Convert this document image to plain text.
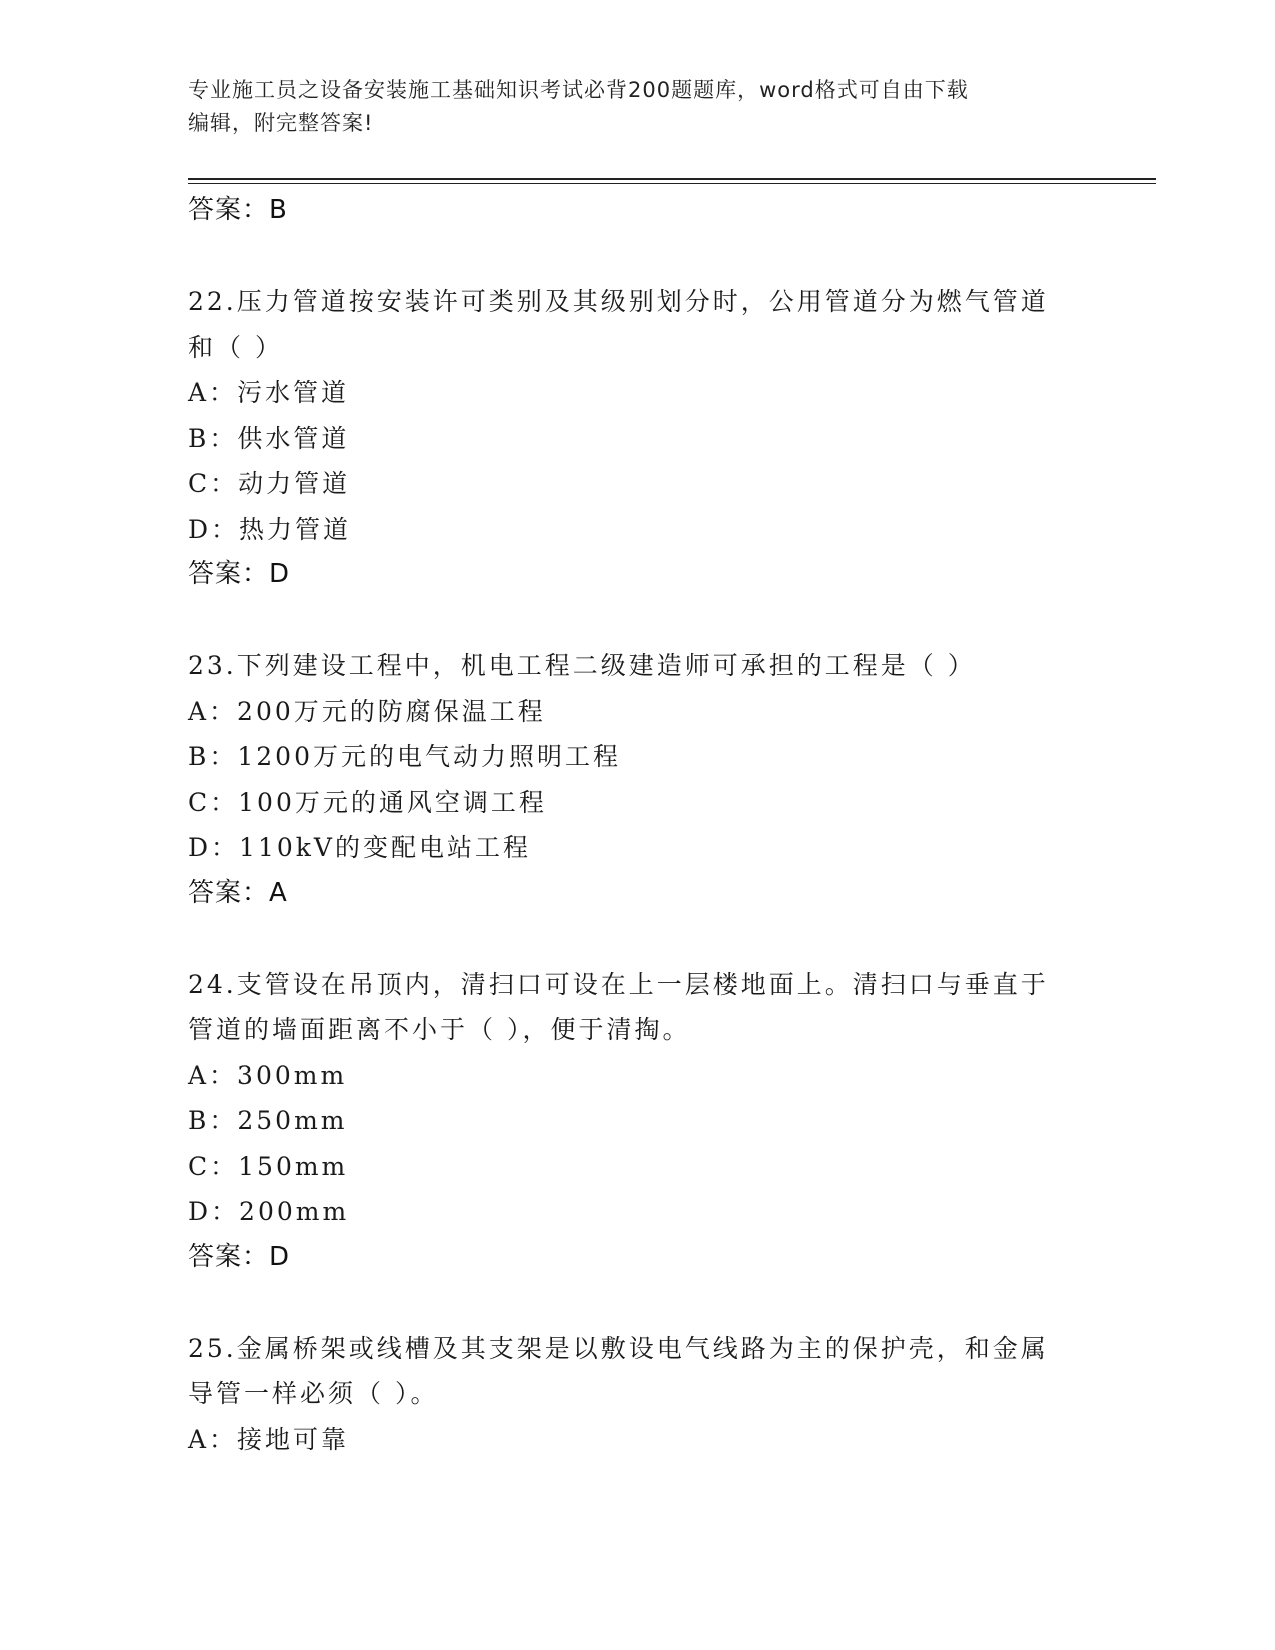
专业施工员之设备安装施工基础知识考试必背200题题库，word格式可自由下载
编辑，附完整答案!
答案：B
22.压力管道按安装许可类别及其级别划分时，公用管道分为燃气管道
和（ ）
A：污水管道
B：供水管道
C：动力管道
D：热力管道
答案：D
23.下列建设工程中，机电工程二级建造师可承担的工程是（ ）
A：200万元的防腐保温工程
B：1200万元的电气动力照明工程
C：100万元的通风空调工程
D：110kV的变配电站工程
答案：A
24.支管设在吊顶内，清扫口可设在上一层楼地面上。清扫口与垂直于
管道的墙面距离不小于（ ），便于清掏。
A：300mm
B：250mm
C：150mm
D：200mm
答案：D
25.金属桥架或线槽及其支架是以敷设电气线路为主的保护壳，和金属
导管一样必须（ ）。
A：接地可靠
